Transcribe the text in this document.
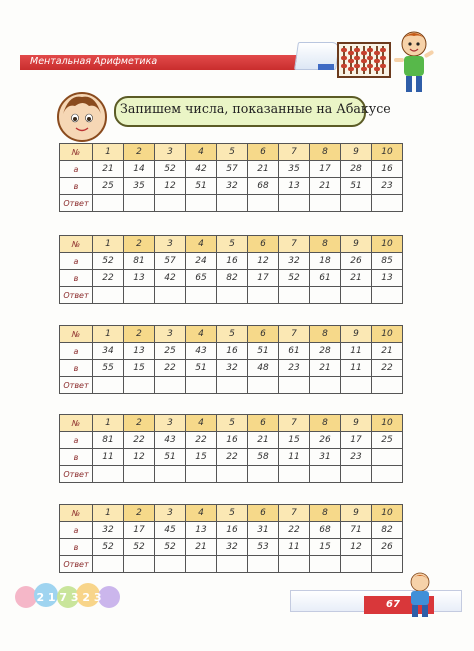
Ментальная Арифметика
Запишем числа, показанные на Абакусе
№	1	2	3	4	5	6	7	8	9	10
а	21	14	52	42	57	21	35	17	28	16
в	25	35	12	51	32	68	13	21	51	23
Ответ										
№	1	2	3	4	5	6	7	8	9	10
а	52	81	57	24	16	12	32	18	26	85
в	22	13	42	65	82	17	52	61	21	13
Ответ										
№	1	2	3	4	5	6	7	8	9	10
а	34	13	25	43	16	51	61	28	11	21
в	55	15	22	51	32	48	23	21	11	22
Ответ										
№	1	2	3	4	5	6	7	8	9	10
а	81	22	43	22	16	21	15	26	17	25
в	11	12	51	15	22	58	11	31	23	
Ответ										
№	1	2	3	4	5	6	7	8	9	10
а	32	17	45	13	16	31	22	68	71	82
в	52	52	52	21	32	53	11	15	12	26
Ответ										
67
2 1 7 3 2 3
